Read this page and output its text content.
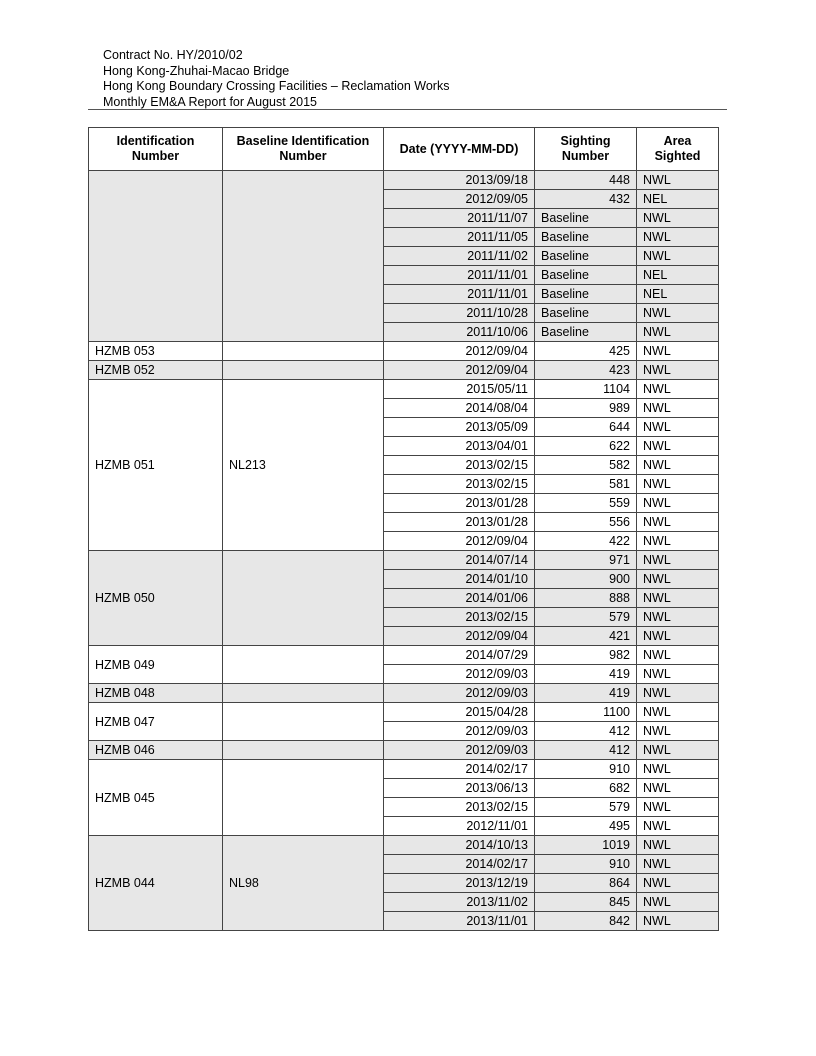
Contract No. HY/2010/02
Hong Kong-Zhuhai-Macao Bridge
Hong Kong Boundary Crossing Facilities – Reclamation Works
Monthly EM&A Report for August 2015
Identification Number	Baseline Identification Number	Date (YYYY-MM-DD)	Sighting Number	Area Sighted
		2013/09/18	448	NWL
		2012/09/05	432	NEL
		2011/11/07	Baseline	NWL
		2011/11/05	Baseline	NWL
		2011/11/02	Baseline	NWL
		2011/11/01	Baseline	NEL
		2011/11/01	Baseline	NEL
		2011/10/28	Baseline	NWL
		2011/10/06	Baseline	NWL
HZMB 053		2012/09/04	425	NWL
HZMB 052		2012/09/04	423	NWL
HZMB 051	NL213	2015/05/11	1104	NWL
		2014/08/04	989	NWL
		2013/05/09	644	NWL
		2013/04/01	622	NWL
		2013/02/15	582	NWL
		2013/02/15	581	NWL
		2013/01/28	559	NWL
		2013/01/28	556	NWL
		2012/09/04	422	NWL
HZMB 050		2014/07/14	971	NWL
		2014/01/10	900	NWL
		2014/01/06	888	NWL
		2013/02/15	579	NWL
		2012/09/04	421	NWL
HZMB 049		2014/07/29	982	NWL
		2012/09/03	419	NWL
HZMB 048		2012/09/03	419	NWL
HZMB 047		2015/04/28	1100	NWL
		2012/09/03	412	NWL
HZMB 046		2012/09/03	412	NWL
HZMB 045		2014/02/17	910	NWL
		2013/06/13	682	NWL
		2013/02/15	579	NWL
		2012/11/01	495	NWL
HZMB 044	NL98	2014/10/13	1019	NWL
		2014/02/17	910	NWL
		2013/12/19	864	NWL
		2013/11/02	845	NWL
		2013/11/01	842	NWL
